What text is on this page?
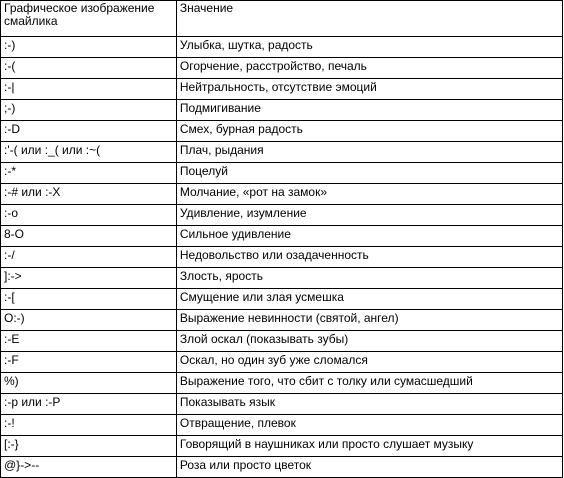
Графическое изображение смайлика	Значение
:-)	Улыбка, шутка, радость
:-(	Огорчение, расстройство, печаль
:-|	Нейтральность, отсутствие эмоций
;-)	Подмигивание
:-D	Смех, бурная радость
:'-( или :_( или :~(	Плач, рыдания
:-*	Поцелуй
:-# или :-X	Молчание, «рот на замок»
:-o	Удивление, изумление
8-O	Сильное удивление
:-/	Недовольство или озадаченность
]:->	Злость, ярость
:-[	Смущение или злая усмешка
O:-)	Выражение невинности (святой, ангел)
:-E	Злой оскал (показывать зубы)
:-F	Оскал, но один зуб уже сломался
%)	Выражение того, что сбит с толку или сумасшедший
:-p или :-P	Показывать язык
:-!	Отвращение, плевок
[:-}	Говорящий в наушниках или просто слушает музыку
@}->--	Роза или просто цветок
